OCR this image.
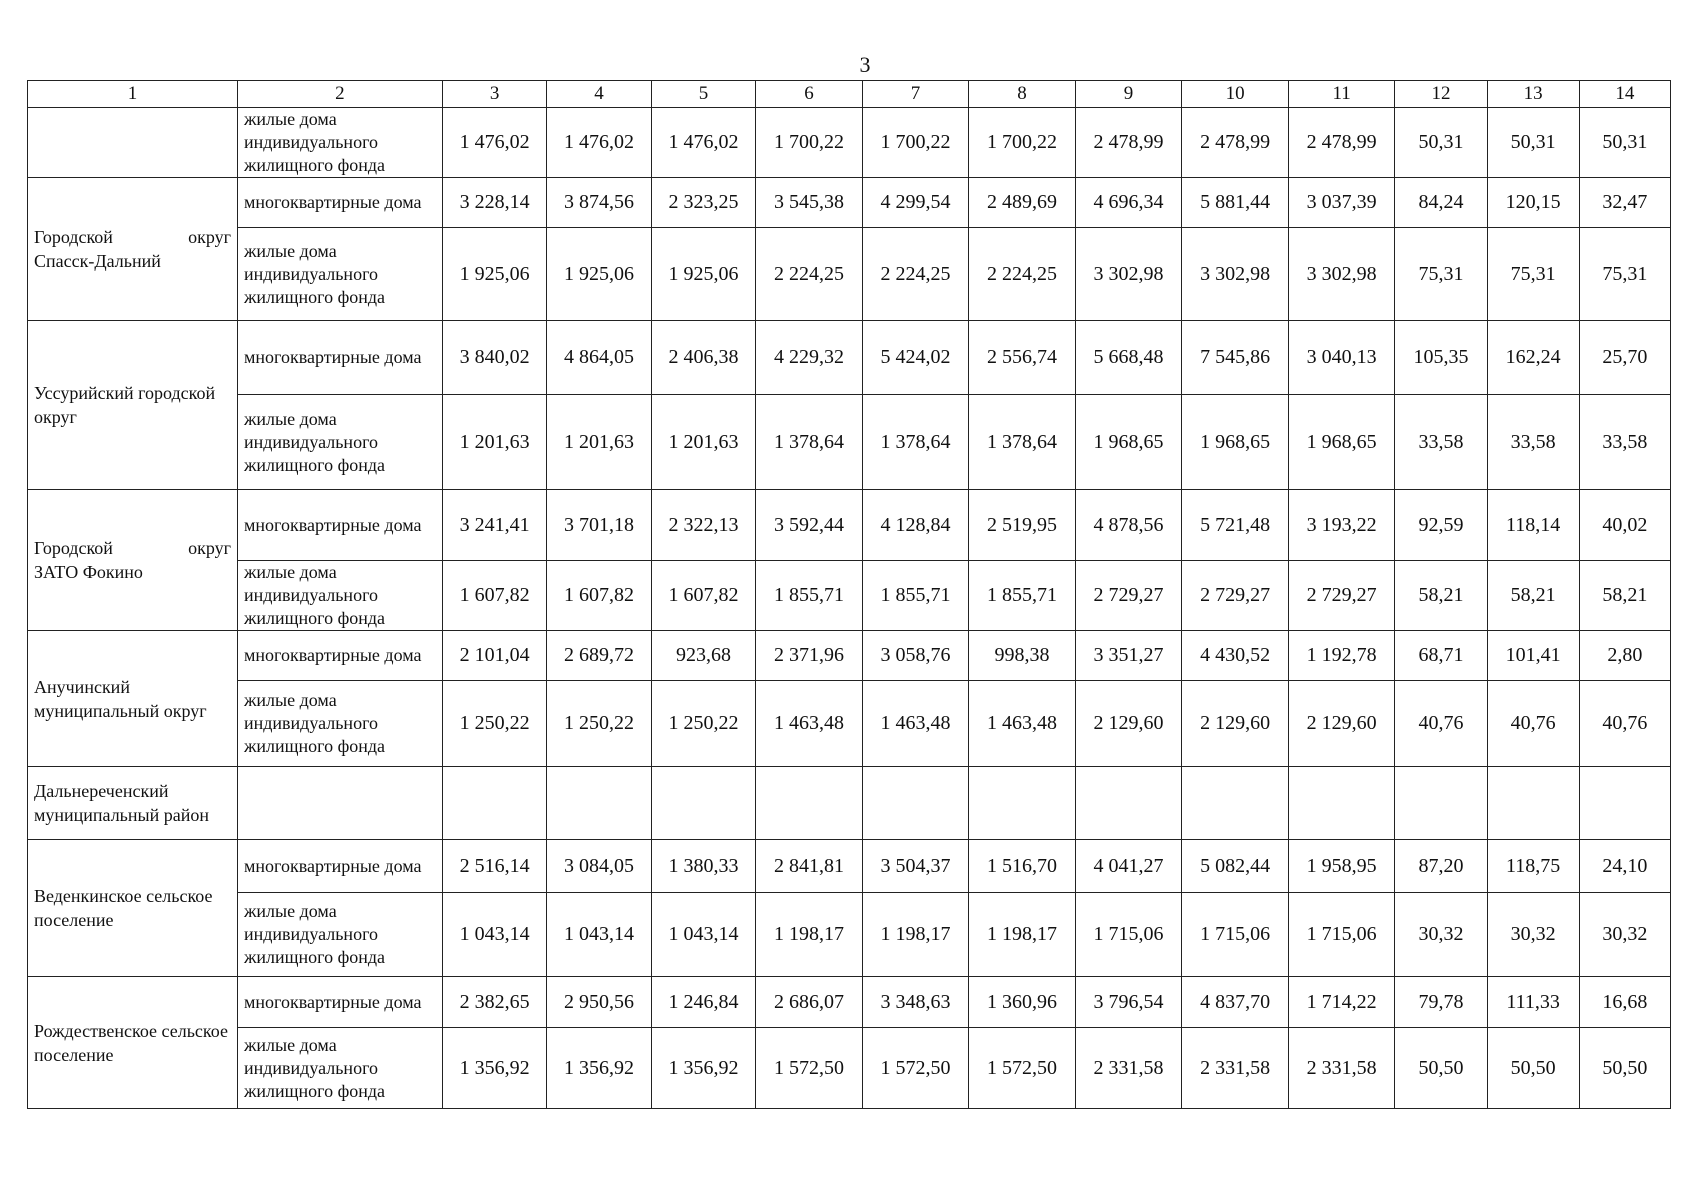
3
1	2	3	4	5	6	7	8	9	10	11	12	13	14
	жилые дома индивидуального жилищного фонда	1 476,02	1 476,02	1 476,02	1 700,22	1 700,22	1 700,22	2 478,99	2 478,99	2 478,99	50,31	50,31	50,31

Городской округ
Спасск-Дальний	многоквартирные дома	3 228,14	3 874,56	2 323,25	3 545,38	4 299,54	2 489,69	4 696,34	5 881,44	3 037,39	84,24	120,15	32,47
	жилые дома индивидуального жилищного фонда	1 925,06	1 925,06	1 925,06	2 224,25	2 224,25	2 224,25	3 302,98	3 302,98	3 302,98	75,31	75,31	75,31
Уссурийский городской округ	многоквартирные дома	3 840,02	4 864,05	2 406,38	4 229,32	5 424,02	2 556,74	5 668,48	7 545,86	3 040,13	105,35	162,24	25,70
	жилые дома индивидуального жилищного фонда	1 201,63	1 201,63	1 201,63	1 378,64	1 378,64	1 378,64	1 968,65	1 968,65	1 968,65	33,58	33,58	33,58

Городской округ
ЗАТО Фокино	многоквартирные дома	3 241,41	3 701,18	2 322,13	3 592,44	4 128,84	2 519,95	4 878,56	5 721,48	3 193,22	92,59	118,14	40,02
	жилые дома индивидуального жилищного фонда	1 607,82	1 607,82	1 607,82	1 855,71	1 855,71	1 855,71	2 729,27	2 729,27	2 729,27	58,21	58,21	58,21
Анучинский муниципальный округ	многоквартирные дома	2 101,04	2 689,72	923,68	2 371,96	3 058,76	998,38	3 351,27	4 430,52	1 192,78	68,71	101,41	2,80
	жилые дома индивидуального жилищного фонда	1 250,22	1 250,22	1 250,22	1 463,48	1 463,48	1 463,48	2 129,60	2 129,60	2 129,60	40,76	40,76	40,76
Дальнереченский муниципальный район													
Веденкинское сельское поселение	многоквартирные дома	2 516,14	3 084,05	1 380,33	2 841,81	3 504,37	1 516,70	4 041,27	5 082,44	1 958,95	87,20	118,75	24,10
	жилые дома индивидуального жилищного фонда	1 043,14	1 043,14	1 043,14	1 198,17	1 198,17	1 198,17	1 715,06	1 715,06	1 715,06	30,32	30,32	30,32
Рождественское сельское поселение	многоквартирные дома	2 382,65	2 950,56	1 246,84	2 686,07	3 348,63	1 360,96	3 796,54	4 837,70	1 714,22	79,78	111,33	16,68
	жилые дома индивидуального жилищного фонда	1 356,92	1 356,92	1 356,92	1 572,50	1 572,50	1 572,50	2 331,58	2 331,58	2 331,58	50,50	50,50	50,50
